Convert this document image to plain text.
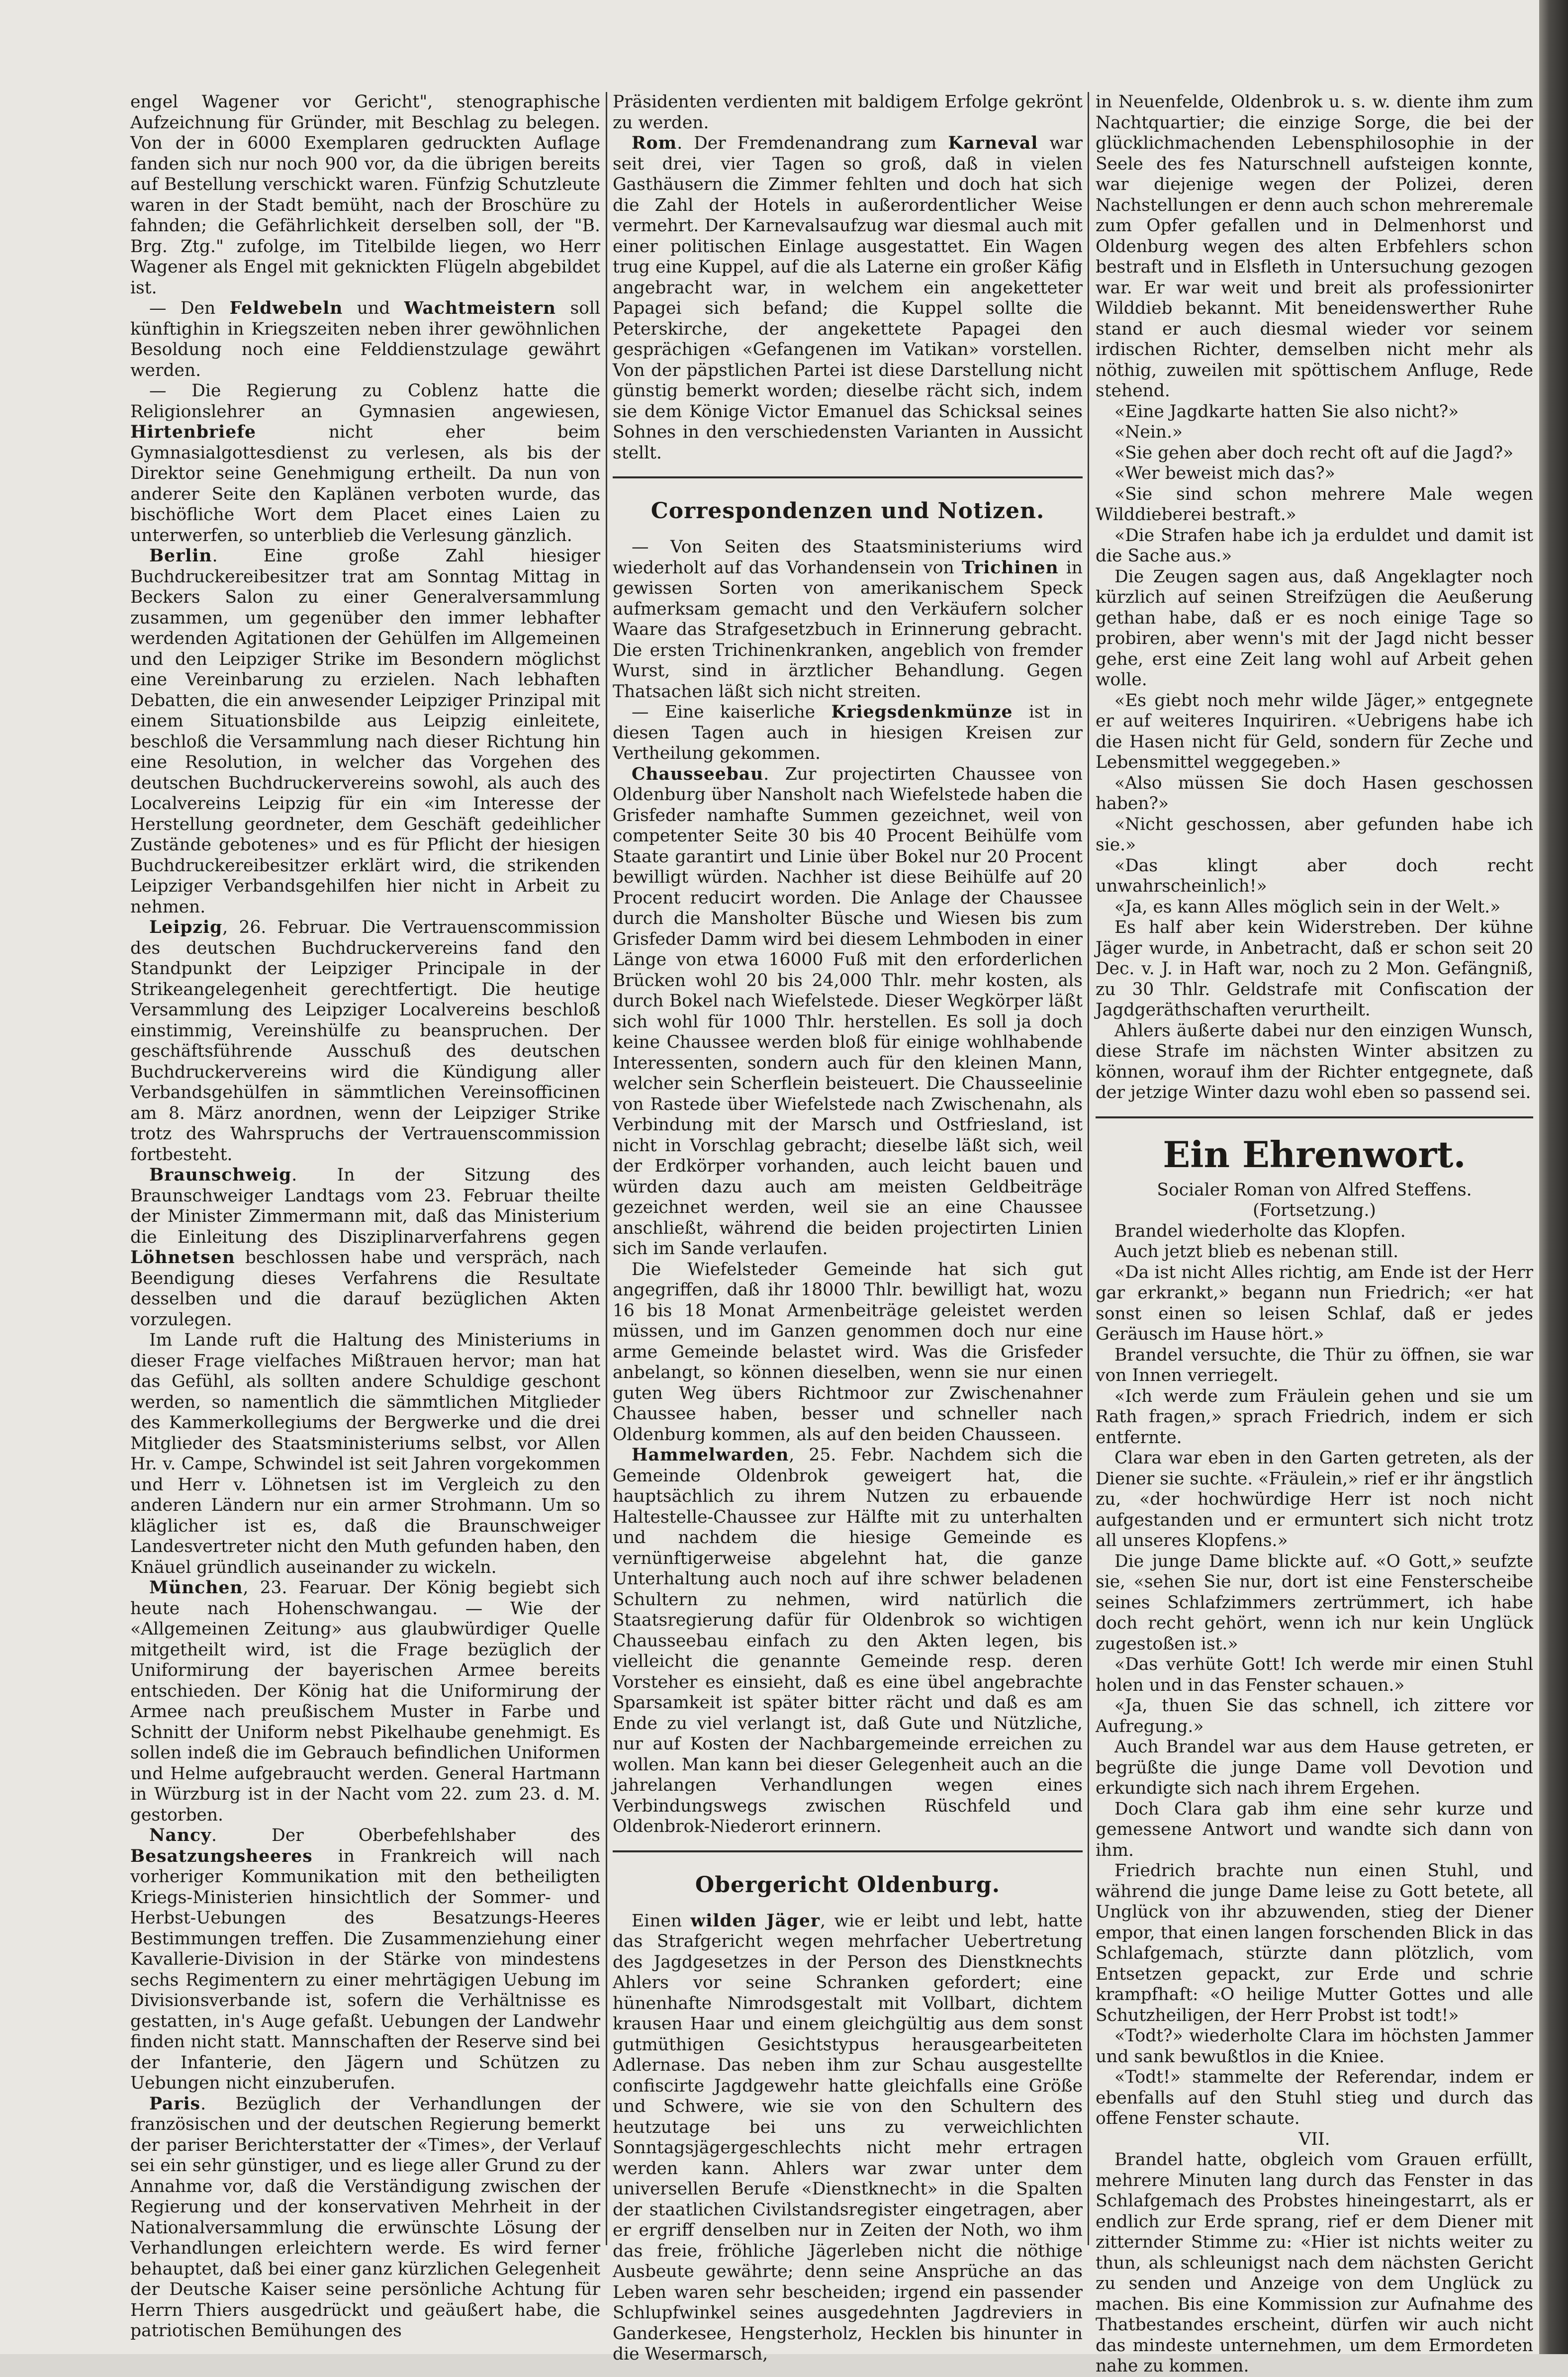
engel Wagener vor Gericht", stenographische Aufzeichnung für Gründer, mit Beschlag zu belegen. Von der in 6000 Exemplaren gedruckten Auflage fanden sich nur noch 900 vor, da die übrigen bereits auf Bestellung verschickt waren. Fünfzig Schutzleute waren in der Stadt bemüht, nach der Broschüre zu fahnden; die Gefährlichkeit derselben soll, der "B. Brg. Ztg." zufolge, im Titelbilde liegen, wo Herr Wagener als Engel mit geknickten Flügeln abgebildet ist.

— Den Feldwebeln und Wachtmeistern soll künftighin in Kriegszeiten neben ihrer gewöhnlichen Besoldung noch eine Felddienstzulage gewährt werden.

— Die Regierung zu Coblenz hatte die Religionslehrer an Gymnasien angewiesen, Hirtenbriefe nicht eher beim Gymnasialgottesdienst zu verlesen, als bis der Direktor seine Genehmigung ertheilt. Da nun von anderer Seite den Kaplänen verboten wurde, das bischöfliche Wort dem Placet eines Laien zu unterwerfen, so unterblieb die Verlesung gänzlich.

Berlin. Eine große Zahl hiesiger Buchdruckereibesitzer trat am Sonntag Mittag in Beckers Salon zu einer Generalversammlung zusammen, um gegenüber den immer lebhafter werdenden Agitationen der Gehülfen im Allgemeinen und den Leipziger Strike im Besondern möglichst eine Vereinbarung zu erzielen. Nach lebhaften Debatten, die ein anwesender Leipziger Prinzipal mit einem Situationsbilde aus Leipzig einleitete, beschloß die Versammlung nach dieser Richtung hin eine Resolution, in welcher das Vorgehen des deutschen Buchdruckervereins sowohl, als auch des Localvereins Leipzig für ein «im Interesse der Herstellung geordneter, dem Geschäft gedeihlicher Zustände gebotenes» und es für Pflicht der hiesigen Buchdruckereibesitzer erklärt wird, die strikenden Leipziger Verbandsgehilfen hier nicht in Arbeit zu nehmen.

Leipzig, 26. Februar. Die Vertrauenscommission des deutschen Buchdruckervereins fand den Standpunkt der Leipziger Principale in der Strikeangelegenheit gerechtfertigt. Die heutige Versammlung des Leipziger Localvereins beschloß einstimmig, Vereinshülfe zu beanspruchen. Der geschäftsführende Ausschuß des deutschen Buchdruckervereins wird die Kündigung aller Verbandsgehülfen in sämmtlichen Vereinsofficinen am 8. März anordnen, wenn der Leipziger Strike trotz des Wahrspruchs der Vertrauenscommission fortbesteht.

Braunschweig. In der Sitzung des Braunschweiger Landtags vom 23. Februar theilte der Minister Zimmermann mit, daß das Ministerium die Einleitung des Disziplinarverfahrens gegen Löhnetsen beschlossen habe und verspräch, nach Beendigung dieses Verfahrens die Resultate desselben und die darauf bezüglichen Akten vorzulegen.

Im Lande ruft die Haltung des Ministeriums in dieser Frage vielfaches Mißtrauen hervor; man hat das Gefühl, als sollten andere Schuldige geschont werden, so namentlich die sämmtlichen Mitglieder des Kammerkollegiums der Bergwerke und die drei Mitglieder des Staatsministeriums selbst, vor Allen Hr. v. Campe, Schwindel ist seit Jahren vorgekommen und Herr v. Löhnetsen ist im Vergleich zu den anderen Ländern nur ein armer Strohmann. Um so kläglicher ist es, daß die Braunschweiger Landesvertreter nicht den Muth gefunden haben, den Knäuel gründlich auseinander zu wickeln.

München, 23. Fearuar. Der König begiebt sich heute nach Hohenschwangau. — Wie der «Allgemeinen Zeitung» aus glaubwürdiger Quelle mitgetheilt wird, ist die Frage bezüglich der Uniformirung der bayerischen Armee bereits entschieden. Der König hat die Uniformirung der Armee nach preußischem Muster in Farbe und Schnitt der Uniform nebst Pikelhaube genehmigt. Es sollen indeß die im Gebrauch befindlichen Uniformen und Helme aufgebraucht werden. General Hartmann in Würzburg ist in der Nacht vom 22. zum 23. d. M. gestorben.

Nancy. Der Oberbefehlshaber des Besatzungsheeres in Frankreich will nach vorheriger Kommunikation mit den betheiligten Kriegs-Ministerien hinsichtlich der Sommer- und Herbst-Uebungen des Besatzungs-Heeres Bestimmungen treffen. Die Zusammenziehung einer Kavallerie-Division in der Stärke von mindestens sechs Regimentern zu einer mehrtägigen Uebung im Divisionsverbande ist, sofern die Verhältnisse es gestatten, in's Auge gefaßt. Uebungen der Landwehr finden nicht statt. Mannschaften der Reserve sind bei der Infanterie, den Jägern und Schützen zu Uebungen nicht einzuberufen.

Paris. Bezüglich der Verhandlungen der französischen und der deutschen Regierung bemerkt der pariser Berichterstatter der «Times», der Verlauf sei ein sehr günstiger, und es liege aller Grund zu der Annahme vor, daß die Verständigung zwischen der Regierung und der konservativen Mehrheit in der Nationalversammlung die erwünschte Lösung der Verhandlungen erleichtern werde. Es wird ferner behauptet, daß bei einer ganz kürzlichen Gelegenheit der Deutsche Kaiser seine persönliche Achtung für Herrn Thiers ausgedrückt und geäußert habe, die patriotischen Bemühungen des

Präsidenten verdienten mit baldigem Erfolge gekrönt zu werden.

Rom. Der Fremdenandrang zum Karneval war seit drei, vier Tagen so groß, daß in vielen Gasthäusern die Zimmer fehlten und doch hat sich die Zahl der Hotels in außerordentlicher Weise vermehrt. Der Karnevalsaufzug war diesmal auch mit einer politischen Einlage ausgestattet. Ein Wagen trug eine Kuppel, auf die als Laterne ein großer Käfig angebracht war, in welchem ein angeketteter Papagei sich befand; die Kuppel sollte die Peterskirche, der angekettete Papagei den gesprächigen «Gefangenen im Vatikan» vorstellen. Von der päpstlichen Partei ist diese Darstellung nicht günstig bemerkt worden; dieselbe rächt sich, indem sie dem Könige Victor Emanuel das Schicksal seines Sohnes in den verschiedensten Varianten in Aussicht stellt.

Correspondenzen und Notizen.

— Von Seiten des Staatsministeriums wird wiederholt auf das Vorhandensein von Trichinen in gewissen Sorten von amerikanischem Speck aufmerksam gemacht und den Verkäufern solcher Waare das Strafgesetzbuch in Erinnerung gebracht. Die ersten Trichinenkranken, angeblich von fremder Wurst, sind in ärztlicher Behandlung. Gegen Thatsachen läßt sich nicht streiten.

— Eine kaiserliche Kriegsdenkmünze ist in diesen Tagen auch in hiesigen Kreisen zur Vertheilung gekommen.

Chausseebau. Zur projectirten Chaussee von Oldenburg über Nansholt nach Wiefelstede haben die Grisfeder namhafte Summen gezeichnet, weil von competenter Seite 30 bis 40 Procent Beihülfe vom Staate garantirt und Linie über Bokel nur 20 Procent bewilligt würden. Nachher ist diese Beihülfe auf 20 Procent reducirt worden. Die Anlage der Chaussee durch die Mansholter Büsche und Wiesen bis zum Grisfeder Damm wird bei diesem Lehmboden in einer Länge von etwa 16000 Fuß mit den erforderlichen Brücken wohl 20 bis 24,000 Thlr. mehr kosten, als durch Bokel nach Wiefelstede. Dieser Wegkörper läßt sich wohl für 1000 Thlr. herstellen. Es soll ja doch keine Chaussee werden bloß für einige wohlhabende Interessenten, sondern auch für den kleinen Mann, welcher sein Scherflein beisteuert. Die Chausseelinie von Rastede über Wiefelstede nach Zwischenahn, als Verbindung mit der Marsch und Ostfriesland, ist nicht in Vorschlag gebracht; dieselbe läßt sich, weil der Erdkörper vorhanden, auch leicht bauen und würden dazu auch am meisten Geldbeiträge gezeichnet werden, weil sie an eine Chaussee anschließt, während die beiden projectirten Linien sich im Sande verlaufen.

Die Wiefelsteder Gemeinde hat sich gut angegriffen, daß ihr 18000 Thlr. bewilligt hat, wozu 16 bis 18 Monat Armenbeiträge geleistet werden müssen, und im Ganzen genommen doch nur eine arme Gemeinde belastet wird. Was die Grisfeder anbelangt, so können dieselben, wenn sie nur einen guten Weg übers Richtmoor zur Zwischenahner Chaussee haben, besser und schneller nach Oldenburg kommen, als auf den beiden Chausseen.

Hammelwarden, 25. Febr. Nachdem sich die Gemeinde Oldenbrok geweigert hat, die hauptsächlich zu ihrem Nutzen zu erbauende Haltestelle-Chaussee zur Hälfte mit zu unterhalten und nachdem die hiesige Gemeinde es vernünftigerweise abgelehnt hat, die ganze Unterhaltung auch noch auf ihre schwer beladenen Schultern zu nehmen, wird natürlich die Staatsregierung dafür für Oldenbrok so wichtigen Chausseebau einfach zu den Akten legen, bis vielleicht die genannte Gemeinde resp. deren Vorsteher es einsieht, daß es eine übel angebrachte Sparsamkeit ist später bitter rächt und daß es am Ende zu viel verlangt ist, daß Gute und Nützliche, nur auf Kosten der Nachbargemeinde erreichen zu wollen. Man kann bei dieser Gelegenheit auch an die jahrelangen Verhandlungen wegen eines Verbindungswegs zwischen Rüschfeld und Oldenbrok-Niederort erinnern.

Obergericht Oldenburg.

Einen wilden Jäger, wie er leibt und lebt, hatte das Strafgericht wegen mehrfacher Uebertretung des Jagdgesetzes in der Person des Dienstknechts Ahlers vor seine Schranken gefordert; eine hünenhafte Nimrodsgestalt mit Vollbart, dichtem krausen Haar und einem gleichgültig aus dem sonst gutmüthigen Gesichtstypus herausgearbeiteten Adlernase. Das neben ihm zur Schau ausgestellte confiscirte Jagdgewehr hatte gleichfalls eine Größe und Schwere, wie sie von den Schultern des heutzutage bei uns zu verweichlichten Sonntagsjägergeschlechts nicht mehr ertragen werden kann. Ahlers war zwar unter dem universellen Berufe «Dienstknecht» in die Spalten der staatlichen Civilstandsregister eingetragen, aber er ergriff denselben nur in Zeiten der Noth, wo ihm das freie, fröhliche Jägerleben nicht die nöthige Ausbeute gewährte; denn seine Ansprüche an das Leben waren sehr bescheiden; irgend ein passender Schlupfwinkel seines ausgedehnten Jagdreviers in Ganderkesee, Hengsterholz, Hecklen bis hinunter in die Wesermarsch,

in Neuenfelde, Oldenbrok u. s. w. diente ihm zum Nachtquartier; die einzige Sorge, die bei der glücklichmachenden Lebensphilosophie in der Seele des fes Naturschnell aufsteigen konnte, war diejenige wegen der Polizei, deren Nachstellungen er denn auch schon mehreremale zum Opfer gefallen und in Delmenhorst und Oldenburg wegen des alten Erbfehlers schon bestraft und in Elsfleth in Untersuchung gezogen war. Er war weit und breit als professionirter Wilddieb bekannt. Mit beneidenswerther Ruhe stand er auch diesmal wieder vor seinem irdischen Richter, demselben nicht mehr als nöthig, zuweilen mit spöttischem Anfluge, Rede stehend.

«Eine Jagdkarte hatten Sie also nicht?»

«Nein.»

«Sie gehen aber doch recht oft auf die Jagd?»

«Wer beweist mich das?»

«Sie sind schon mehrere Male wegen Wilddieberei bestraft.»

«Die Strafen habe ich ja erduldet und damit ist die Sache aus.»

Die Zeugen sagen aus, daß Angeklagter noch kürzlich auf seinen Streifzügen die Aeußerung gethan habe, daß er es noch einige Tage so probiren, aber wenn's mit der Jagd nicht besser gehe, erst eine Zeit lang wohl auf Arbeit gehen wolle.

«Es giebt noch mehr wilde Jäger,» entgegnete er auf weiteres Inquiriren. «Uebrigens habe ich die Hasen nicht für Geld, sondern für Zeche und Lebensmittel weggegeben.»

«Also müssen Sie doch Hasen geschossen haben?»

«Nicht geschossen, aber gefunden habe ich sie.»

«Das klingt aber doch recht unwahrscheinlich!»

«Ja, es kann Alles möglich sein in der Welt.»

Es half aber kein Widerstreben. Der kühne Jäger wurde, in Anbetracht, daß er schon seit 20 Dec. v. J. in Haft war, noch zu 2 Mon. Gefängniß, zu 30 Thlr. Geldstrafe mit Confiscation der Jagdgeräthschaften verurtheilt.

Ahlers äußerte dabei nur den einzigen Wunsch, diese Strafe im nächsten Winter absitzen zu können, worauf ihm der Richter entgegnete, daß der jetzige Winter dazu wohl eben so passend sei.

Ein Ehrenwort.

Socialer Roman von Alfred Steffens.

(Fortsetzung.)

Brandel wiederholte das Klopfen.

Auch jetzt blieb es nebenan still.

«Da ist nicht Alles richtig, am Ende ist der Herr gar erkrankt,» begann nun Friedrich; «er hat sonst einen so leisen Schlaf, daß er jedes Geräusch im Hause hört.»

Brandel versuchte, die Thür zu öffnen, sie war von Innen verriegelt.

«Ich werde zum Fräulein gehen und sie um Rath fragen,» sprach Friedrich, indem er sich entfernte.

Clara war eben in den Garten getreten, als der Diener sie suchte. «Fräulein,» rief er ihr ängstlich zu, «der hochwürdige Herr ist noch nicht aufgestanden und er ermuntert sich nicht trotz all unseres Klopfens.»

Die junge Dame blickte auf. «O Gott,» seufzte sie, «sehen Sie nur, dort ist eine Fensterscheibe seines Schlafzimmers zertrümmert, ich habe doch recht gehört, wenn ich nur kein Unglück zugestoßen ist.»

«Das verhüte Gott! Ich werde mir einen Stuhl holen und in das Fenster schauen.»

«Ja, thuen Sie das schnell, ich zittere vor Aufregung.»

Auch Brandel war aus dem Hause getreten, er begrüßte die junge Dame voll Devotion und erkundigte sich nach ihrem Ergehen.

Doch Clara gab ihm eine sehr kurze und gemessene Antwort und wandte sich dann von ihm.

Friedrich brachte nun einen Stuhl, und während die junge Dame leise zu Gott betete, all Unglück von ihr abzuwenden, stieg der Diener empor, that einen langen forschenden Blick in das Schlafgemach, stürzte dann plötzlich, vom Entsetzen gepackt, zur Erde und schrie krampfhaft: «O heilige Mutter Gottes und alle Schutzheiligen, der Herr Probst ist todt!»

«Todt?» wiederholte Clara im höchsten Jammer und sank bewußtlos in die Kniee.

«Todt!» stammelte der Referendar, indem er ebenfalls auf den Stuhl stieg und durch das offene Fenster schaute.

VII.

Brandel hatte, obgleich vom Grauen erfüllt, mehrere Minuten lang durch das Fenster in das Schlafgemach des Probstes hineingestarrt, als er endlich zur Erde sprang, rief er dem Diener mit zitternder Stimme zu: «Hier ist nichts weiter zu thun, als schleunigst nach dem nächsten Gericht zu senden und Anzeige von dem Unglück zu machen. Bis eine Kommission zur Aufnahme des Thatbestandes erscheint, dürfen wir auch nicht das mindeste unternehmen, um dem Ermordeten nahe zu kommen.
